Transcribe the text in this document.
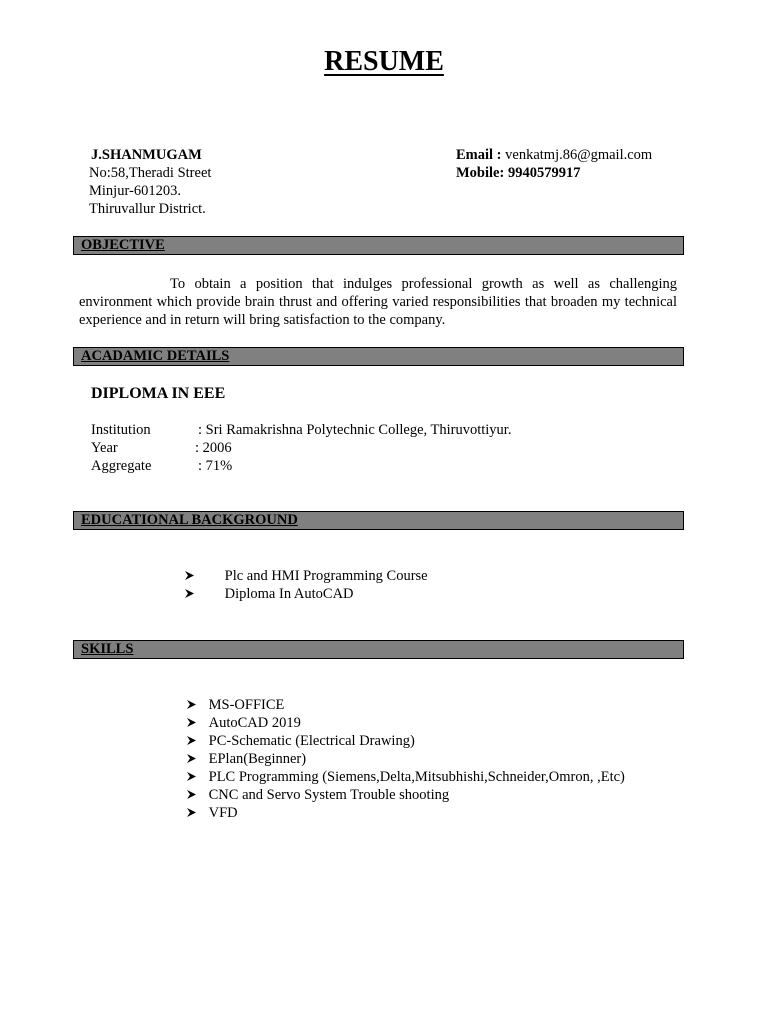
RESUME
J.SHANMUGAM
No:58,Theradi Street
Minjur-601203.
Thiruvallur District.
Email : venkatmj.86@gmail.com
Mobile: 9940579917
OBJECTIVE
To obtain a position that indulges professional growth as well as challenging environment which provide brain thrust and offering varied responsibilities that broaden my technical experience and in return will bring satisfaction to the company.
ACADAMIC DETAILS
DIPLOMA IN EEE
Institution	: Sri Ramakrishna Polytechnic College, Thiruvottiyur.
Year	: 2006
Aggregate	: 71%
EDUCATIONAL BACKGROUND
Plc and HMI Programming Course
Diploma In AutoCAD
SKILLS
MS-OFFICE
AutoCAD 2019
PC-Schematic (Electrical Drawing)
EPlan(Beginner)
PLC Programming (Siemens,Delta,Mitsubhishi,Schneider,Omron, ,Etc)
CNC and Servo System Trouble shooting
VFD
